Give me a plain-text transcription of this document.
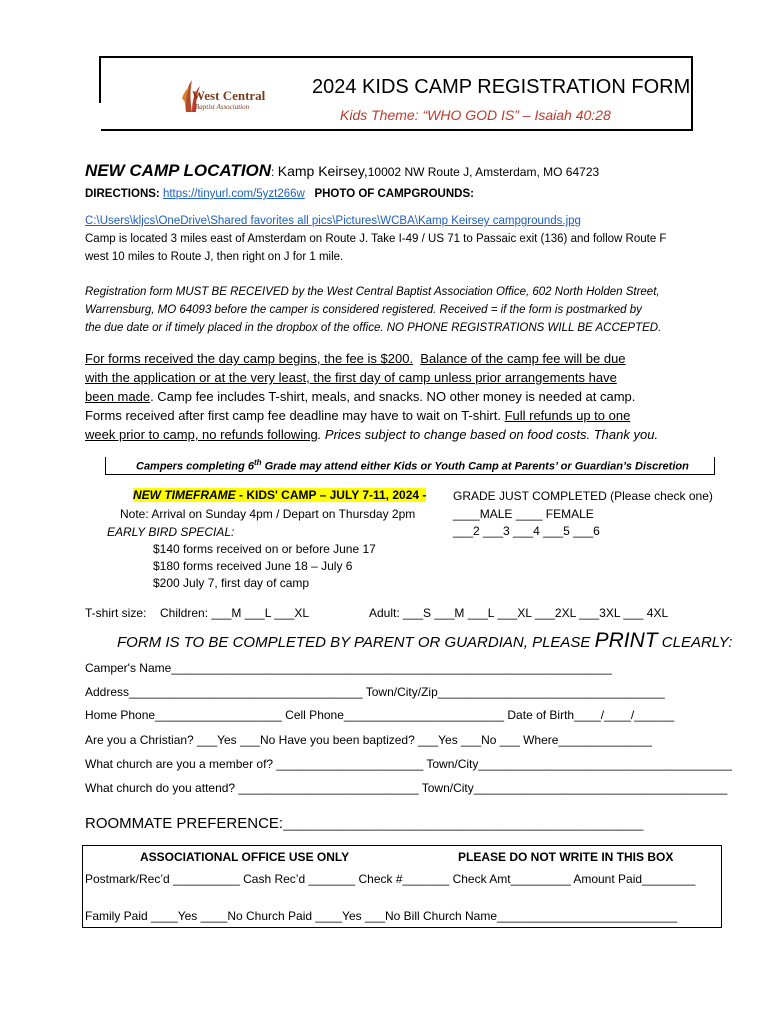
West Central
Baptist Association
2024 KIDS CAMP REGISTRATION FORM
Kids Theme: “WHO GOD IS” – Isaiah 40:28
NEW CAMP LOCATION: Kamp Keirsey,10002 NW Route J, Amsterdam, MO 64723
DIRECTIONS: https://tinyurl.com/5yzt266w PHOTO OF CAMPGROUNDS:
C:\Users\kljcs\OneDrive\Shared favorites all pics\Pictures\WCBA\Kamp Keirsey campgrounds.jpg
Camp is located 3 miles east of Amsterdam on Route J. Take I-49 / US 71 to Passaic exit (136) and follow Route F
west 10 miles to Route J, then right on J for 1 mile.
Registration form MUST BE RECEIVED by the West Central Baptist Association Office, 602 North Holden Street,
Warrensburg, MO 64093 before the camper is considered registered. Received = if the form is postmarked by
the due date or if timely placed in the dropbox of the office. NO PHONE REGISTRATIONS WILL BE ACCEPTED.
For forms received the day camp begins, the fee is $200. Balance of the camp fee will be due
with the application or at the very least, the first day of camp unless prior arrangements have
been made. Camp fee includes T-shirt, meals, and snacks. NO other money is needed at camp.
Forms received after first camp fee deadline may have to wait on T-shirt. Full refunds up to one
week prior to camp, no refunds following. Prices subject to change based on food costs. Thank you.
Campers completing 6th Grade may attend either Kids or Youth Camp at Parents’ or Guardian’s Discretion
NEW TIMEFRAME - KIDS' CAMP – JULY 7-11, 2024 -
Note: Arrival on Sunday 4pm / Depart on Thursday 2pm
EARLY BIRD SPECIAL:
$140 forms received on or before June 17
$180 forms received June 18 – July 6
$200 July 7, first day of camp
GRADE JUST COMPLETED (Please check one)
____MALE ____ FEMALE
___2 ___3 ___4 ___5 ___6
T-shirt size: Children: ___M ___L ___XL	Adult: ___S ___M ___L ___XL ___2XL ___3XL ___ 4XL
FORM IS TO BE COMPLETED BY PARENT OR GUARDIAN, PLEASE PRINT CLEARLY:
Camper's Name__________________________________________________________________
Address___________________________________ Town/City/Zip__________________________________
Home Phone___________________ Cell Phone________________________ Date of Birth____/____/______
Are you a Christian? ___Yes ___No Have you been baptized? ___Yes ___No ___ Where______________
What church are you a member of? ______________________ Town/City______________________________________
What church do you attend? ___________________________ Town/City______________________________________
ROOMMATE PREFERENCE:______________________________________________________
ASSOCIATIONAL OFFICE USE ONLY	PLEASE DO NOT WRITE IN THIS BOX
Postmark/Rec’d __________ Cash Rec’d _______ Check #_______ Check Amt_________ Amount Paid________
Family Paid ____Yes ____No Church Paid ____Yes ___No Bill Church Name___________________________
